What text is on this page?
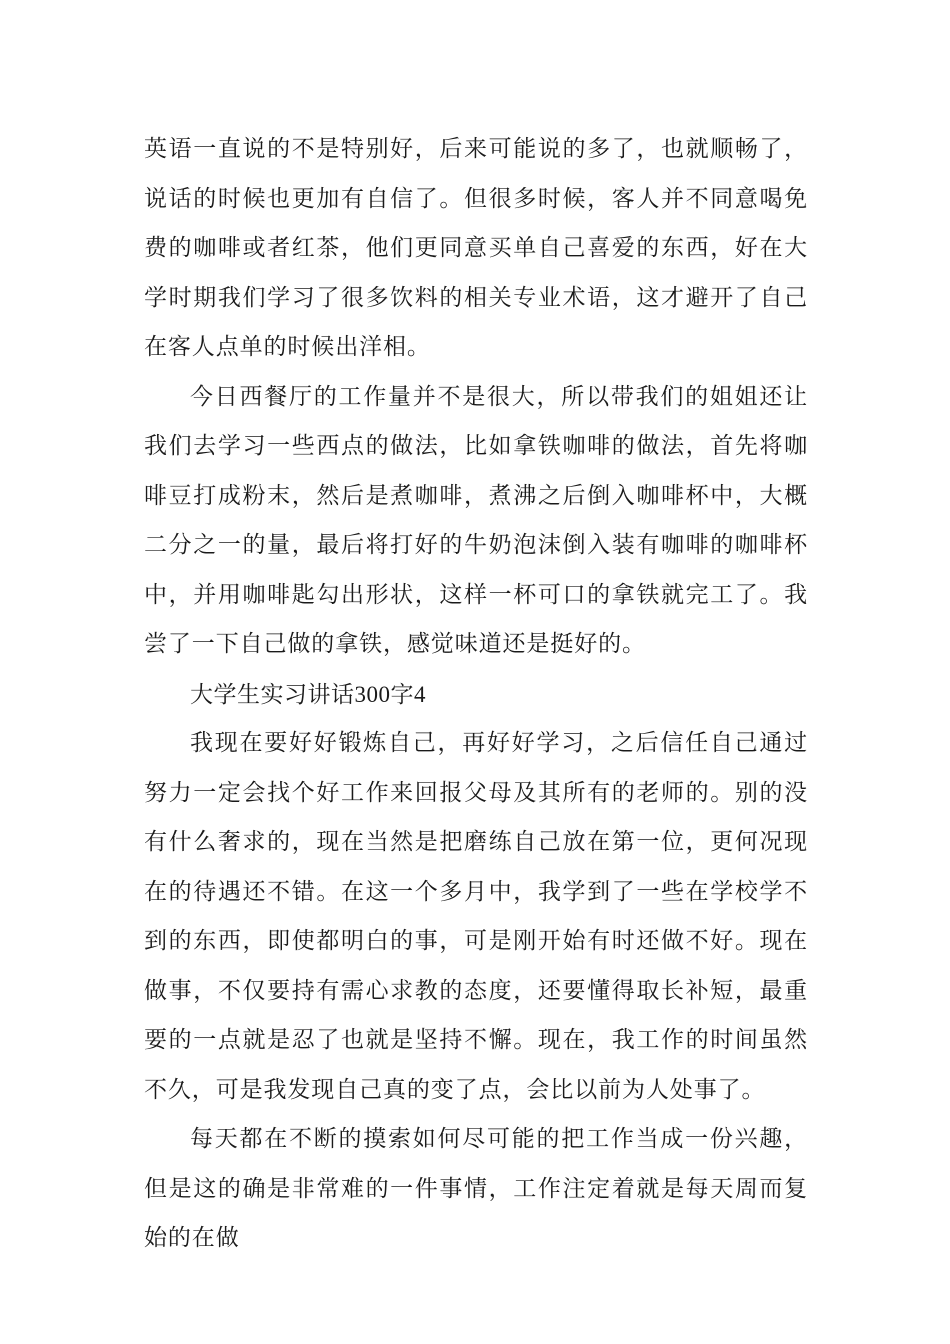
英语一直说的不是特别好，后来可能说的多了，也就顺畅了，说话的时候也更加有自信了。但很多时候，客人并不同意喝免费的咖啡或者红茶，他们更同意买单自己喜爱的东西，好在大学时期我们学习了很多饮料的相关专业术语，这才避开了自己在客人点单的时候出洋相。

今日西餐厅的工作量并不是很大，所以带我们的姐姐还让我们去学习一些西点的做法，比如拿铁咖啡的做法，首先将咖啡豆打成粉末，然后是煮咖啡，煮沸之后倒入咖啡杯中，大概二分之一的量，最后将打好的牛奶泡沫倒入装有咖啡的咖啡杯中，并用咖啡匙勾出形状，这样一杯可口的拿铁就完工了。我尝了一下自己做的拿铁，感觉味道还是挺好的。

大学生实习讲话300字4

我现在要好好锻炼自己，再好好学习，之后信任自己通过努力一定会找个好工作来回报父母及其所有的老师的。别的没有什么奢求的，现在当然是把磨练自己放在第一位，更何况现在的待遇还不错。在这一个多月中，我学到了一些在学校学不到的东西，即使都明白的事，可是刚开始有时还做不好。现在做事，不仅要持有需心求教的态度，还要懂得取长补短，最重要的一点就是忍了也就是坚持不懈。现在，我工作的时间虽然不久，可是我发现自己真的变了点，会比以前为人处事了。

每天都在不断的摸索如何尽可能的把工作当成一份兴趣，但是这的确是非常难的一件事情，工作注定着就是每天周而复始的在做
